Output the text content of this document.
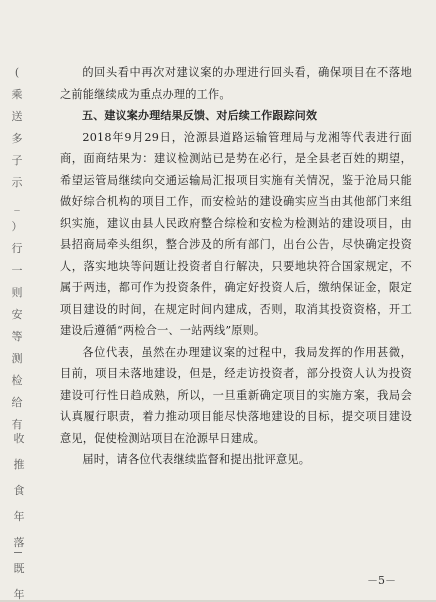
(
乘
送
多
子
示
_
）
行
一
则
安
等
测
检
给
有
收
推
食
年
落
既
年

的回头看中再次对建议案的办理进行回头看，确保项目在不落地之前能继续成为重点办理的工作。

五、建议案办理结果反馈、对后续工作跟踪问效

2018年9月29日，沧源县道路运输管理局与龙湘等代表进行面商，面商结果为：建议检测站已是势在必行，是全县老百姓的期望，希望运管局继续向交通运输局汇报项目实施有关情况，鉴于沧局只能做好综合机构的项目工作，而安检站的建设确实应当由其他部门来组织实施，建议由县人民政府整合综检和安检为检测站的建设项目，由县招商局牵头组织，整合涉及的所有部门，出台公告，尽快确定投资人，落实地块等问题让投资者自行解决，只要地块符合国家规定，不属于两违，都可作为投资条件，确定好投资人后，缴纳保证金，限定项目建设的时间，在规定时间内建成，否则，取消其投资资格，开工建设后遵循“两检合一、一站两线”原则。

各位代表，虽然在办理建议案的过程中，我局发挥的作用甚微，目前，项目未落地建设，但是，经走访投资者，部分投资人认为投资建设可行性日趋成熟，所以，一旦重新确定项目的实施方案，我局会认真履行职责，着力推动项目能尽快落地建设的目标，提交项目建设意见，促使检测站项目在沧源早日建成。

届时，请各位代表继续监督和提出批评意见。

－5－
